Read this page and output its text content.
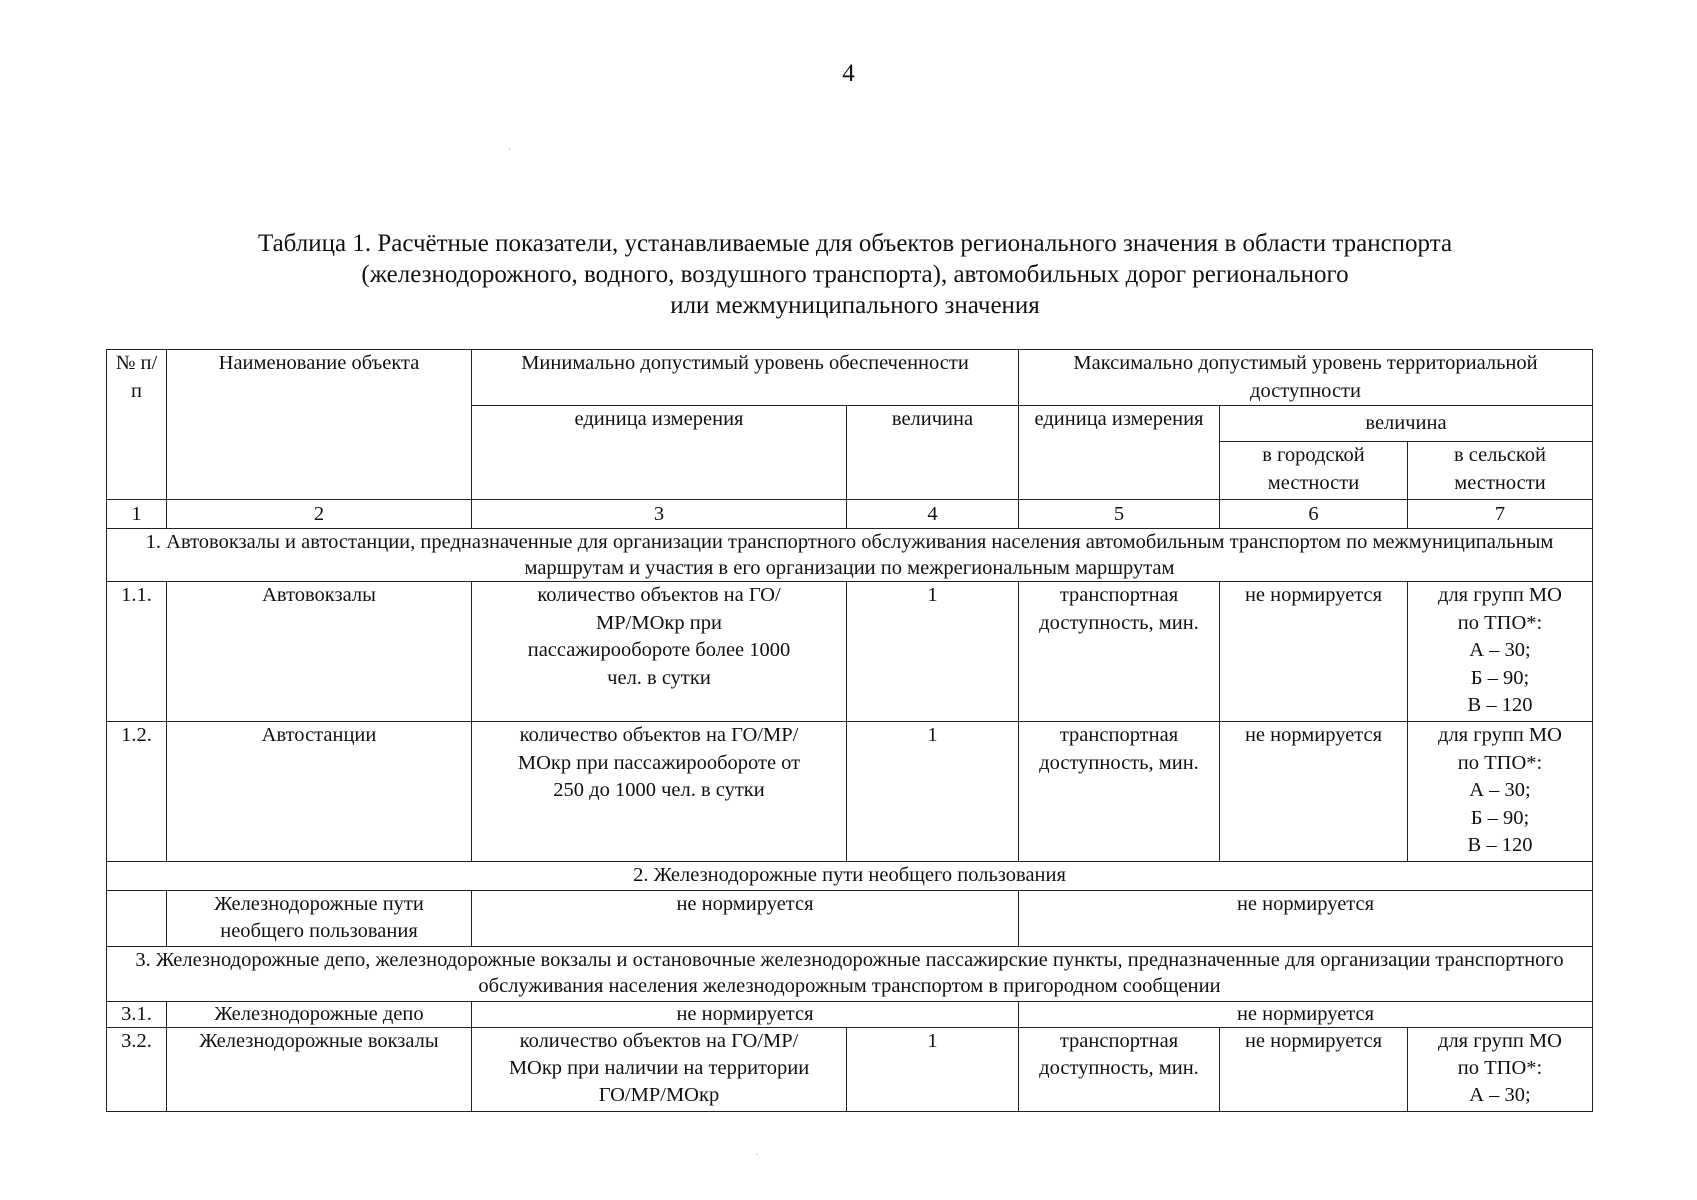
4
Таблица 1. Расчётные показатели, устанавливаемые для объектов регионального значения в области транспорта
(железнодорожного, водного, воздушного транспорта), автомобильных дорог регионального
или межмуниципального значения
ˊ
·
№ п/п	Наименование объекта	Минимально допустимый уровень обеспеченности		Максимально допустимый уровень территориальной доступности		
		единица измерения	величина	единица измерения	величина	
					в городской местности	в сельской местности
1	2	3	4	5	6	7
1. Автовокзалы и автостанции, предназначенные для организации транспортного обслуживания населения автомобильным транспортом по межмуниципальным маршрутам и участия в его организации по межрегиональным маршрутам						
1.1.	Автовокзалы	количество объектов на ГО/МР/МОкр при пассажирообороте более 1000 чел. в сутки	1	транспортная доступность, мин.	не нормируется	для групп МО
по ТПО*:
А – 30;
Б – 90;
В – 120

1.2.	Автостанции	количество объектов на ГО/МР/МОкр при пассажирообороте от 250 до 1000 чел. в сутки	1	транспортная доступность, мин.	не нормируется	для групп МО
по ТПО*:
А – 30;
Б – 90;
В – 120

2. Железнодорожные пути необщего пользования						
	Железнодорожные пути необщего пользования	не нормируется		не нормируется		
3. Железнодорожные депо, железнодорожные вокзалы и остановочные железнодорожные пассажирские пункты, предназначенные для организации транспортного обслуживания населения железнодорожным транспортом в пригородном сообщении						
3.1.	Железнодорожные депо	не нормируется		не нормируется		
3.2.	Железнодорожные вокзалы	количество объектов на ГО/МР/МОкр при наличии на территории ГО/МР/МОкр	1	транспортная доступность, мин.	не нормируется	для групп МО
по ТПО*:
А – 30;
